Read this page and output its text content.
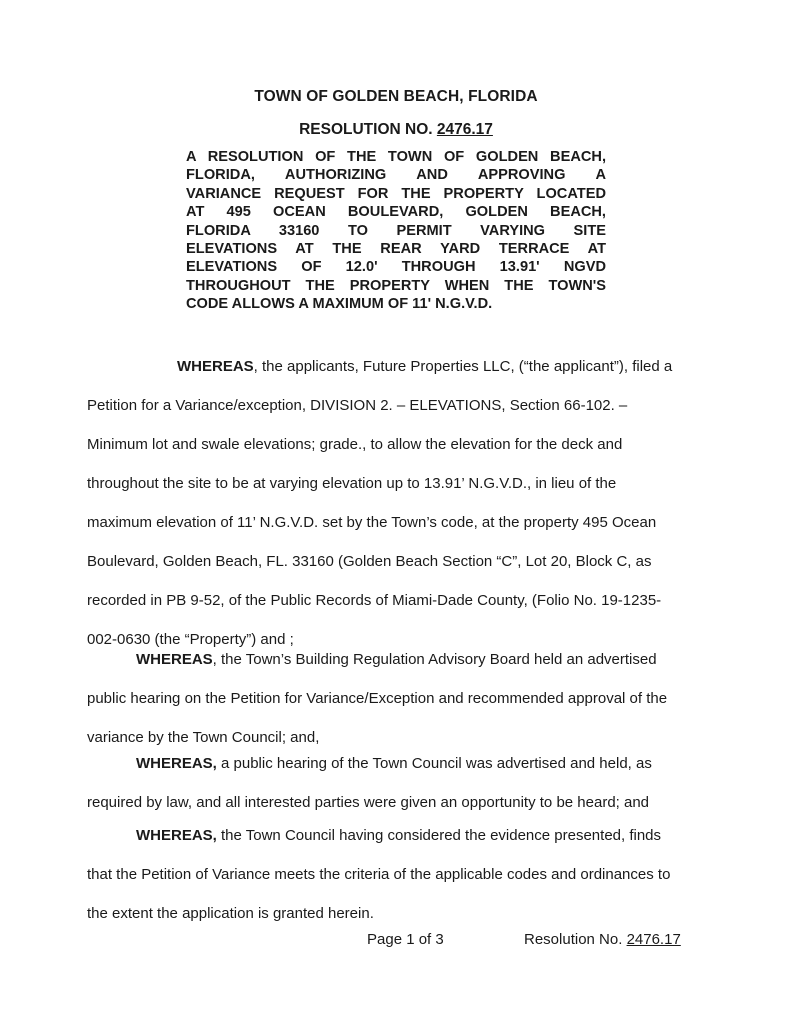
TOWN OF GOLDEN BEACH, FLORIDA
RESOLUTION NO. 2476.17
A RESOLUTION OF THE TOWN OF GOLDEN BEACH,
FLORIDA, AUTHORIZING AND APPROVING A
VARIANCE REQUEST FOR THE PROPERTY LOCATED
AT 495 OCEAN BOULEVARD, GOLDEN BEACH,
FLORIDA 33160 TO PERMIT VARYING SITE
ELEVATIONS AT THE REAR YARD TERRACE AT
ELEVATIONS OF 12.0' THROUGH 13.91' NGVD
THROUGHOUT THE PROPERTY WHEN THE TOWN'S
CODE ALLOWS A MAXIMUM OF 11' N.G.V.D.
WHEREAS, the applicants, Future Properties LLC, (“the applicant”), filed a
Petition for a Variance/exception, DIVISION 2. – ELEVATIONS, Section 66-102. –
Minimum lot and swale elevations; grade., to allow the elevation for the deck and
throughout the site to be at varying elevation up to 13.91’ N.G.V.D., in lieu of the
maximum elevation of 11’ N.G.V.D. set by the Town’s code, at the property 495 Ocean
Boulevard, Golden Beach, FL. 33160 (Golden Beach Section “C”, Lot 20, Block C, as
recorded in PB 9-52, of the Public Records of Miami-Dade County, (Folio No. 19-1235-
002-0630 (the “Property”) and ;
WHEREAS, the Town’s Building Regulation Advisory Board held an advertised
public hearing on the Petition for Variance/Exception and recommended approval of the
variance by the Town Council; and,
WHEREAS, a public hearing of the Town Council was advertised and held, as
required by law, and all interested parties were given an opportunity to be heard; and
WHEREAS, the Town Council having considered the evidence presented, finds
that the Petition of Variance meets the criteria of the applicable codes and ordinances to
the extent the application is granted herein.
Page 1 of 3	Resolution No. 2476.17
